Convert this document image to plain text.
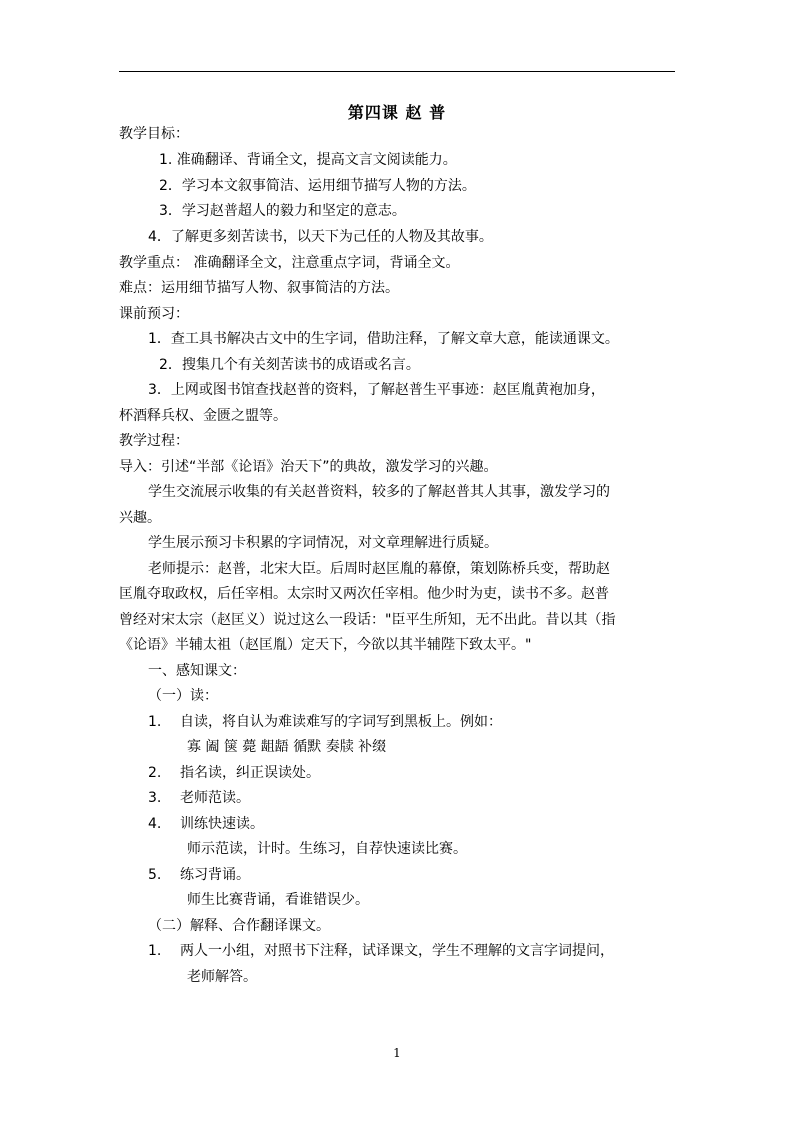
第四课 赵 普
教学目标：
1. 准确翻译、背诵全文，提高文言文阅读能力。
2．学习本文叙事简洁、运用细节描写人物的方法。
3．学习赵普超人的毅力和坚定的意志。
4．了解更多刻苦读书，以天下为己任的人物及其故事。
教学重点： 准确翻译全文，注意重点字词，背诵全文。
难点：运用细节描写人物、叙事简洁的方法。
课前预习：
1．查工具书解决古文中的生字词，借助注释，了解文章大意，能读通课文。
2．搜集几个有关刻苦读书的成语或名言。
3．上网或图书馆查找赵普的资料，了解赵普生平事迹：赵匡胤黄袍加身，
杯酒释兵权、金匮之盟等。
教学过程：
导入：引述“半部《论语》治天下”的典故，激发学习的兴趣。
学生交流展示收集的有关赵普资料，较多的了解赵普其人其事，激发学习的
兴趣。
学生展示预习卡积累的字词情况，对文章理解进行质疑。
老师提示：赵普，北宋大臣。后周时赵匡胤的幕僚，策划陈桥兵变，帮助赵
匡胤夺取政权，后任宰相。太宗时又两次任宰相。他少时为吏，读书不多。赵普
曾经对宋太宗（赵匡义）说过这么一段话："臣平生所知，无不出此。昔以其（指
《论语》半辅太祖（赵匡胤）定天下，今欲以其半辅陛下致太平。"
一、感知课文：
（一）读：
1. 自读，将自认为难读难写的字词写到黑板上。例如：
寡 阖 箧 薨 龃龉 循默 奏牍 补缀
2. 指名读，纠正误读处。
3. 老师范读。
4. 训练快速读。
师示范读，计时。生练习，自荐快速读比赛。
5. 练习背诵。
师生比赛背诵，看谁错误少。
（二）解释、合作翻译课文。
1. 两人一小组，对照书下注释，试译课文，学生不理解的文言字词提问，
老师解答。
1
